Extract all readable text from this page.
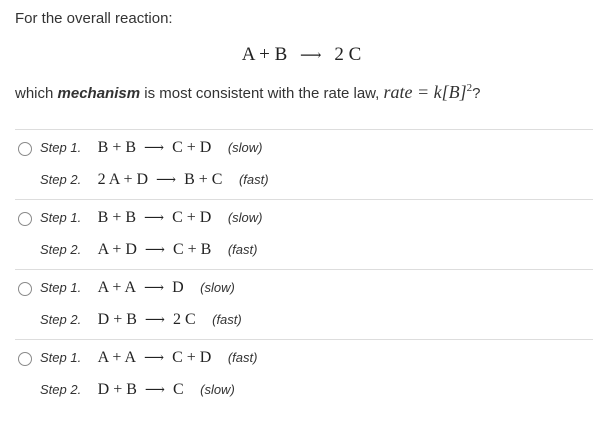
For the overall reaction:
A + B ⟶ 2 C
which mechanism is most consistent with the rate law, rate = $k[B]^2$?
Step 1. B + B ⟶ C + D (slow)
Step 2. 2 A + D ⟶ B + C (fast)
Step 1. B + B ⟶ C + D (slow)
Step 2. A + D ⟶ C + B (fast)
Step 1. A + A ⟶ D (slow)
Step 2. D + B ⟶ 2 C (fast)
Step 1. A + A ⟶ C + D (fast)
Step 2. D + B ⟶ C (slow)
